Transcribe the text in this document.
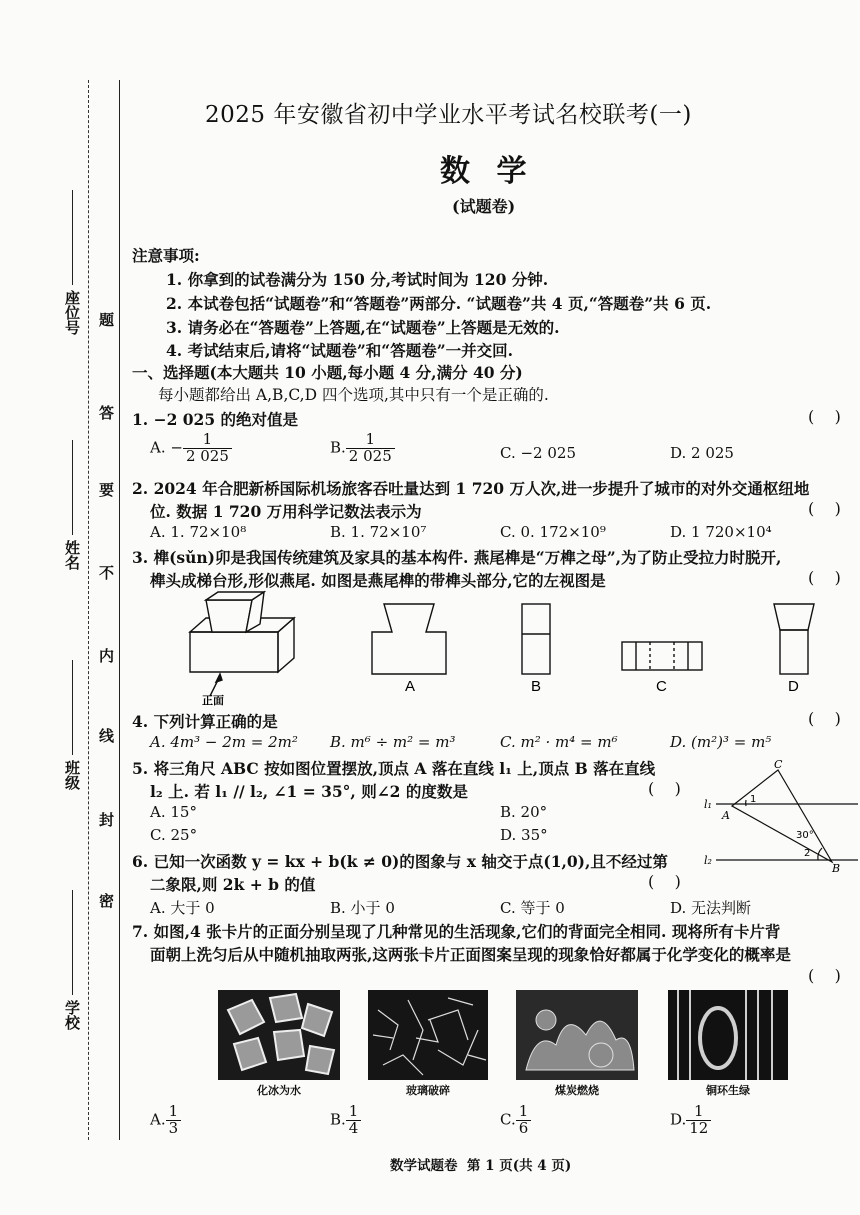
座位号
姓名
班级
学校
题
答
要
不
内
线
封
密
2025 年安徽省初中学业水平考试名校联考(一)
数 学
(试题卷)
注意事项:
1. 你拿到的试卷满分为 150 分,考试时间为 120 分钟.
2. 本试卷包括“试题卷”和“答题卷”两部分. “试题卷”共 4 页,“答题卷”共 6 页.
3. 请务必在“答题卷”上答题,在“试题卷”上答题是无效的.
4. 考试结束后,请将“试题卷”和“答题卷”一并交回.
一、选择题(本大题共 10 小题,每小题 4 分,满分 40 分)
每小题都给出 A,B,C,D 四个选项,其中只有一个是正确的.
1. −2 025 的绝对值是	(    )
A. − $\frac{1}{2 025}$	B. $\frac{1}{2 025}$	C. −2 025	D. 2 025
2. 2024 年合肥新桥国际机场旅客吞吐量达到 1 720 万人次,进一步提升了城市的对外交通枢纽地
位. 数据 1 720 万用科学记数法表示为	(    )
A. 1. 72×10⁸	B. 1. 72×10⁷	C. 0. 172×10⁹	D. 1 720×10⁴
3. 榫(sǔn)卯是我国传统建筑及家具的基本构件. 燕尾榫是“万榫之母”,为了防止受拉力时脱开,
榫头成梯台形,形似燕尾. 如图是燕尾榫的带榫头部分,它的左视图是	(    )
正面
A	B	C	D
4. 下列计算正确的是	(    )
A. 4m³ − 2m = 2m² B. m⁶ ÷ m² = m³	C. m² · m⁴ = m⁶	D. (m²)³ = m⁵
5. 将三角尺 ABC 按如图位置摆放,顶点 A 落在直线 l₁ 上,顶点 B 落在直线
l₂ 上. 若 l₁ // l₂, ∠1 = 35°, 则∠2 的度数是	(    )
A. 15°	B. 20°
C. 25°	D. 35°
C
A
B
l₁
l₂
1
2
30°
6. 已知一次函数 y = kx + b(k ≠ 0)的图象与 x 轴交于点(1,0),且不经过第
二象限,则 2k + b 的值	(    )
A. 大于 0	B. 小于 0	C. 等于 0	D. 无法判断
7. 如图,4 张卡片的正面分别呈现了几种常见的生活现象,它们的背面完全相同. 现将所有卡片背
面朝上洗匀后从中随机抽取两张,这两张卡片正面图案呈现的现象恰好都属于化学变化的概率是
(    )
化冰为水	玻璃破碎	煤炭燃烧	铜环生绿
A. $\frac{1}{3}$	B. $\frac{1}{4}$	C. $\frac{1}{6}$	D. $\frac{1}{12}$
数学试题卷  第 1 页(共 4 页)
